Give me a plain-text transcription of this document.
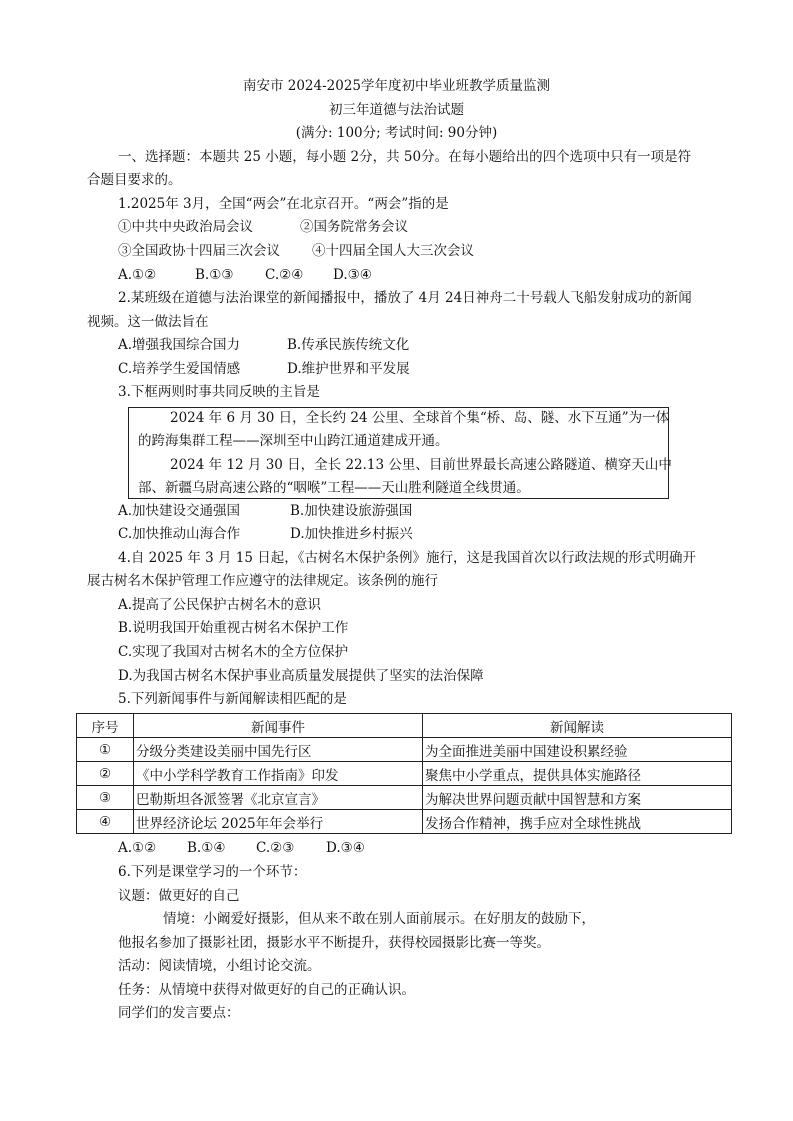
南安市 2024-2025学年度初中毕业班教学质量监测
初三年道德与法治试题
(满分: 100分; 考试时间: 90分钟)
一、选择题：本题共 25 小题，每小题 2分，共 50分。在每小题给出的四个选项中只有一项是符
合题目要求的。
1.2025年 3月，全国“两会”在北京召开。“两会”指的是
①中共中央政治局会议	②国务院常务会议
③全国政协十四届三次会议 ④十四届全国人大三次会议
A.①②	B.①③ C.②④ D.③④
2.某班级在道德与法治课堂的新闻播报中，播放了 4月 24日神舟二十号载人飞船发射成功的新闻
视频。这一做法旨在
A.增强我国综合国力	B.传承民族传统文化
C.培养学生爱国情感	D.维护世界和平发展
3.下框两则时事共同反映的主旨是
2024 年 6 月 30 日，全长约 24 公里、全球首个集“桥、岛、隧、水下互通”为一体
的跨海集群工程——深圳至中山跨江通道建成开通。
2024 年 12 月 30 日，全长 22.13 公里、目前世界最长高速公路隧道、横穿天山中
部、新疆乌尉高速公路的“咽喉”工程——天山胜利隧道全线贯通。
A.加快建设交通强国	B.加快建设旅游强国
C.加快推动山海合作	D.加快推进乡村振兴
4.自 2025 年 3 月 15 日起，《古树名木保护条例》施行，这是我国首次以行政法规的形式明确开
展古树名木保护管理工作应遵守的法律规定。该条例的施行
A.提高了公民保护古树名木的意识
B.说明我国开始重视古树名木保护工作
C.实现了我国对古树名木的全方位保护
D.为我国古树名木保护事业高质量发展提供了坚实的法治保障
5.下列新闻事件与新闻解读相匹配的是
序号	新闻事件	新闻解读
①	分级分类建设美丽中国先行区	为全面推进美丽中国建设积累经验
②	《中小学科学教育工作指南》印发	聚焦中小学重点，提供具体实施路径
③	巴勒斯坦各派签署《北京宣言》	为解决世界问题贡献中国智慧和方案
④	世界经济论坛 2025年年会举行	发扬合作精神，携手应对全球性挑战
A.①② B.①④ C.②③ D.③④
6.下列是课堂学习的一个环节：
议题：做更好的自己
情境：小阚爱好摄影，但从来不敢在别人面前展示。在好朋友的鼓励下，
他报名参加了摄影社团，摄影水平不断提升，获得校园摄影比赛一等奖。
活动：阅读情境，小组讨论交流。
任务：从情境中获得对做更好的自己的正确认识。
同学们的发言要点：
